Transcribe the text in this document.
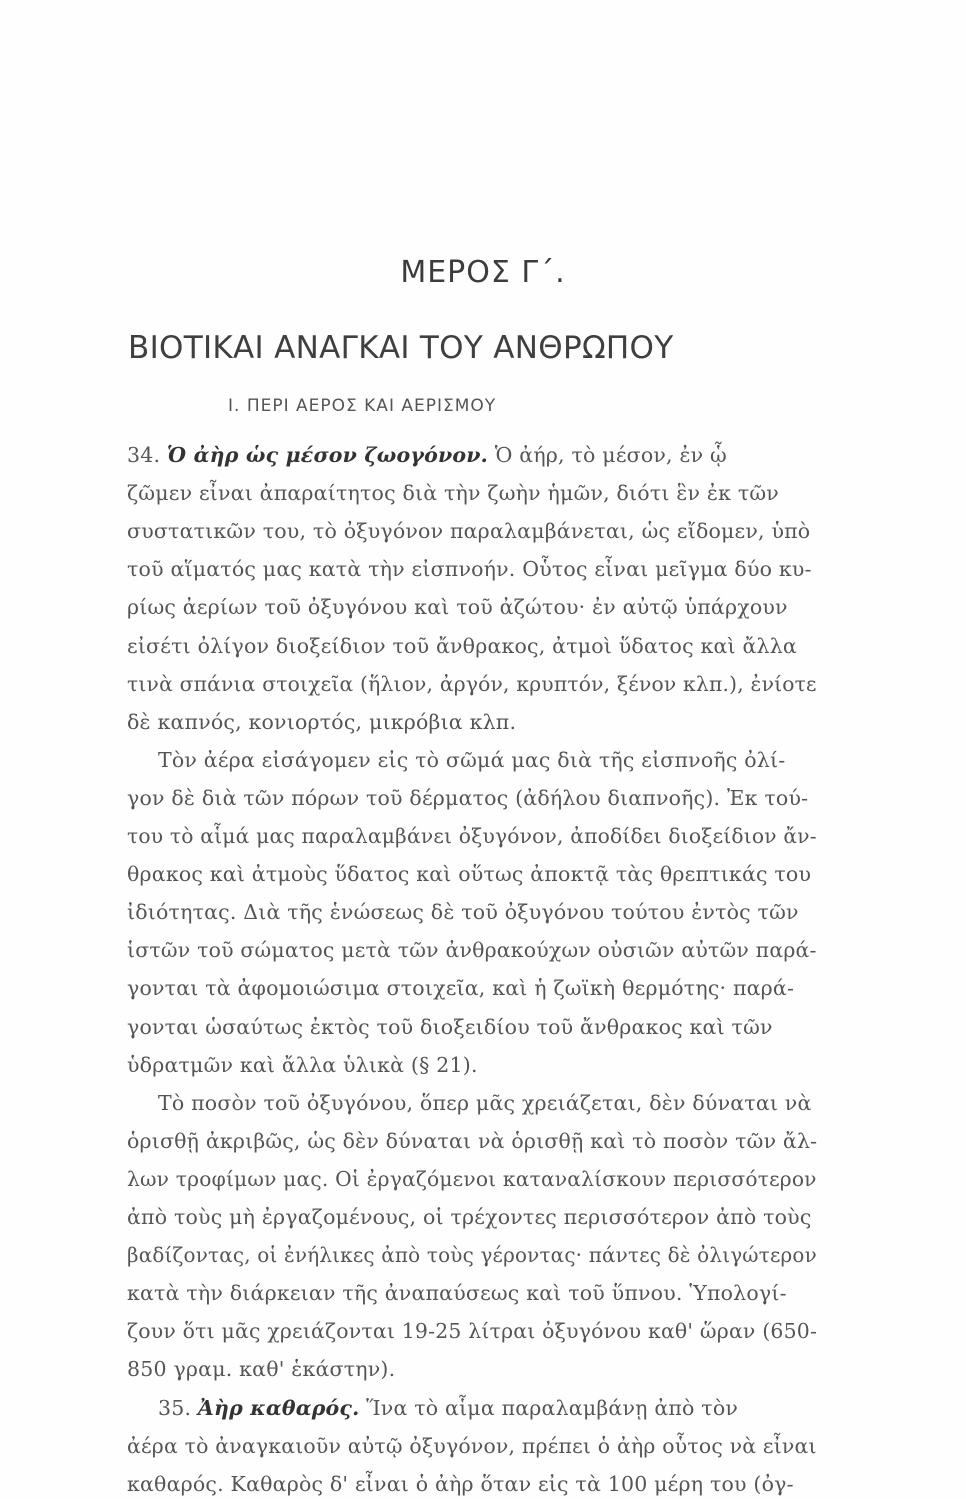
ΜΕΡΟΣ Γ΄.
ΒΙΟΤΙΚΑΙ ΑΝΑΓΚΑΙ ΤΟΥ ΑΝΘΡΩΠΟΥ
I. ΠΕΡΙ ΑΕΡΟΣ ΚΑΙ ΑΕΡΙΣΜΟΥ
34. Ὁ ἀὴρ ὡς μέσον ζωογόνον. Ὁ ἀήρ, τὸ μέσον, ἐν ᾧ
ζῶμεν εἶναι ἀπαραίτητος διὰ τὴν ζωὴν ἡμῶν, διότι ἓν ἐκ τῶν
συστατικῶν του, τὸ ὀξυγόνον παραλαμβάνεται, ὡς εἴδομεν, ὑπὸ
τοῦ αἵματός μας κατὰ τὴν εἰσπνοήν. Οὗτος εἶναι μεῖγμα δύο κυ-
ρίως ἀερίων τοῦ ὀξυγόνου καὶ τοῦ ἀζώτου· ἐν αὐτῷ ὑπάρχουν
εἰσέτι ὀλίγον διοξείδιον τοῦ ἄνθρακος, ἀτμοὶ ὕδατος καὶ ἄλλα
τινὰ σπάνια στοιχεῖα (ἥλιον, ἀργόν, κρυπτόν, ξένον κλπ.), ἐνίοτε
δὲ καπνός, κονιορτός, μικρόβια κλπ.
Τὸν ἀέρα εἰσάγομεν εἰς τὸ σῶμά μας διὰ τῆς εἰσπνοῆς ὀλί-
γον δὲ διὰ τῶν πόρων τοῦ δέρματος (ἀδήλου διαπνοῆς). Ἐκ τού-
του τὸ αἷμά μας παραλαμβάνει ὀξυγόνον, ἀποδίδει διοξείδιον ἄν-
θρακος καὶ ἀτμοὺς ὕδατος καὶ οὕτως ἀποκτᾷ τὰς θρεπτικάς του
ἰδιότητας. Διὰ τῆς ἑνώσεως δὲ τοῦ ὀξυγόνου τούτου ἐντὸς τῶν
ἱστῶν τοῦ σώματος μετὰ τῶν ἀνθρακούχων οὐσιῶν αὐτῶν παρά-
γονται τὰ ἀφομοιώσιμα στοιχεῖα, καὶ ἡ ζωϊκὴ θερμότης· παρά-
γονται ὡσαύτως ἐκτὸς τοῦ διοξειδίου τοῦ ἄνθρακος καὶ τῶν
ὑδρατμῶν καὶ ἄλλα ὑλικὰ (§ 21).
Τὸ ποσὸν τοῦ ὀξυγόνου, ὅπερ μᾶς χρειάζεται, δὲν δύναται νὰ
ὁρισθῇ ἀκριβῶς, ὡς δὲν δύναται νὰ ὁρισθῇ καὶ τὸ ποσὸν τῶν ἄλ-
λων τροφίμων μας. Οἱ ἐργαζόμενοι καταναλίσκουν περισσότερον
ἀπὸ τοὺς μὴ ἐργαζομένους, οἱ τρέχοντες περισσότερον ἀπὸ τοὺς
βαδίζοντας, οἱ ἐνήλικες ἀπὸ τοὺς γέροντας· πάντες δὲ ὀλιγώτερον
κατὰ τὴν διάρκειαν τῆς ἀναπαύσεως καὶ τοῦ ὕπνου. Ὑπολογί-
ζουν ὅτι μᾶς χρειάζονται 19-25 λίτραι ὀξυγόνου καθ' ὥραν (650-
850 γραμ. καθ' ἑκάστην).
35. Ἀὴρ καθαρός. Ἵνα τὸ αἷμα παραλαμβάνῃ ἀπὸ τὸν
ἀέρα τὸ ἀναγκαιοῦν αὐτῷ ὀξυγόνον, πρέπει ὁ ἀὴρ οὗτος νὰ εἶναι
καθαρός. Καθαρὸς δ' εἶναι ὁ ἀὴρ ὅταν εἰς τὰ 100 μέρη του (ὀγ-
